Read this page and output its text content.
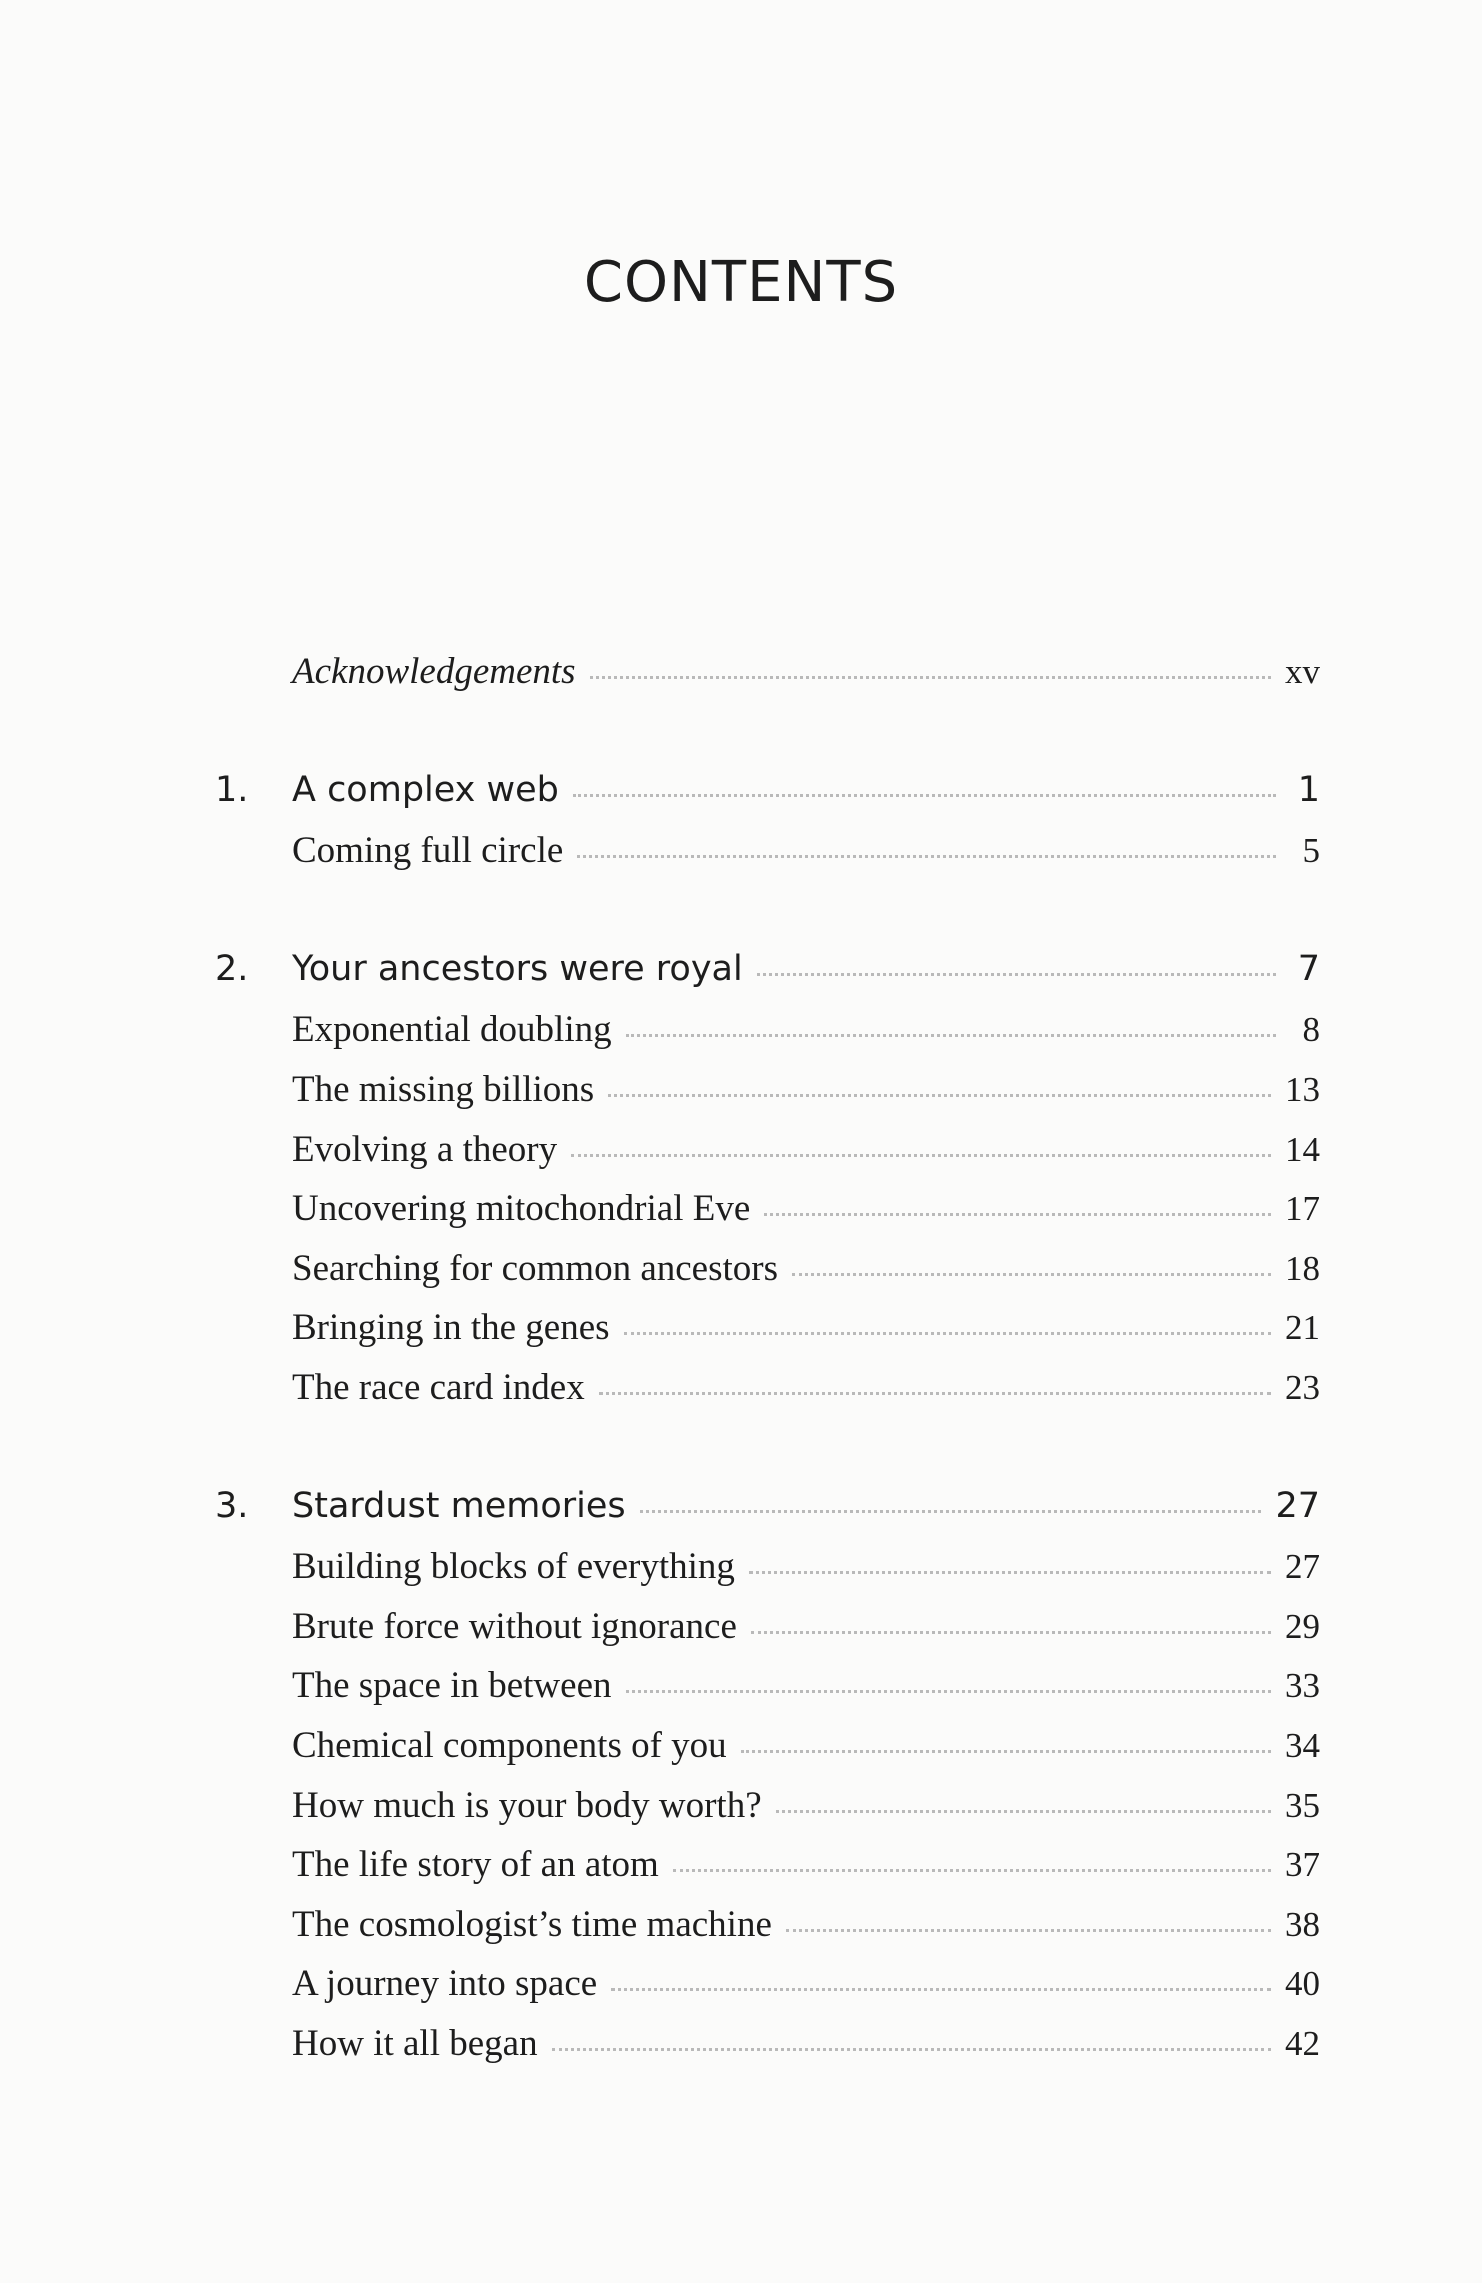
CONTENTS
Acknowledgements	xv
1.	A complex web	1
Coming full circle	5
2.	Your ancestors were royal	7
Exponential doubling	8
The missing billions	13
Evolving a theory	14
Uncovering mitochondrial Eve	17
Searching for common ancestors	18
Bringing in the genes	21
The race card index	23
3.	Stardust memories	27
Building blocks of everything	27
Brute force without ignorance	29
The space in between	33
Chemical components of you	34
How much is your body worth?	35
The life story of an atom	37
The cosmologist’s time machine	38
A journey into space	40
How it all began	42
